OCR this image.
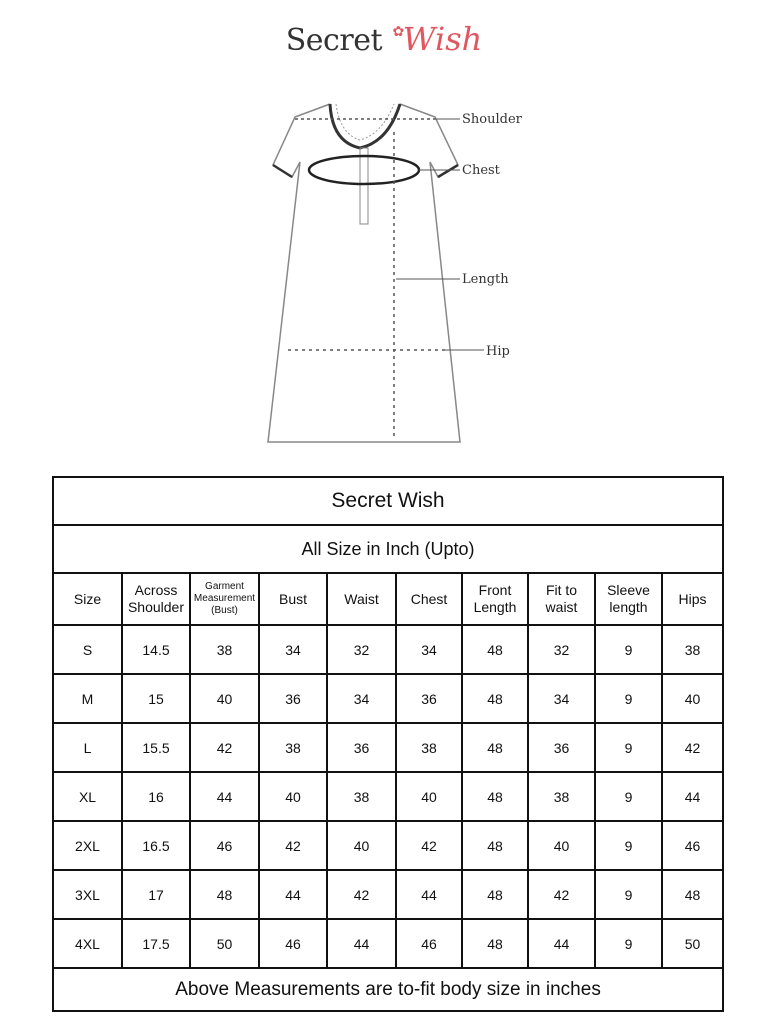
Secret ✿ Wish
Shoulder
Chest
Length
Hip
Secret Wish									
All Size in Inch (Upto)									
Size	Across Shoulder	Garment Measurement (Bust)	Bust	Waist	Chest	Front Length	Fit to waist	Sleeve length	Hips
S	14.5	38	34	32	34	48	32	9	38
M	15	40	36	34	36	48	34	9	40
L	15.5	42	38	36	38	48	36	9	42
XL	16	44	40	38	40	48	38	9	44
2XL	16.5	46	42	40	42	48	40	9	46
3XL	17	48	44	42	44	48	42	9	48
4XL	17.5	50	46	44	46	48	44	9	50
Above Measurements are to-fit body size in inches									
